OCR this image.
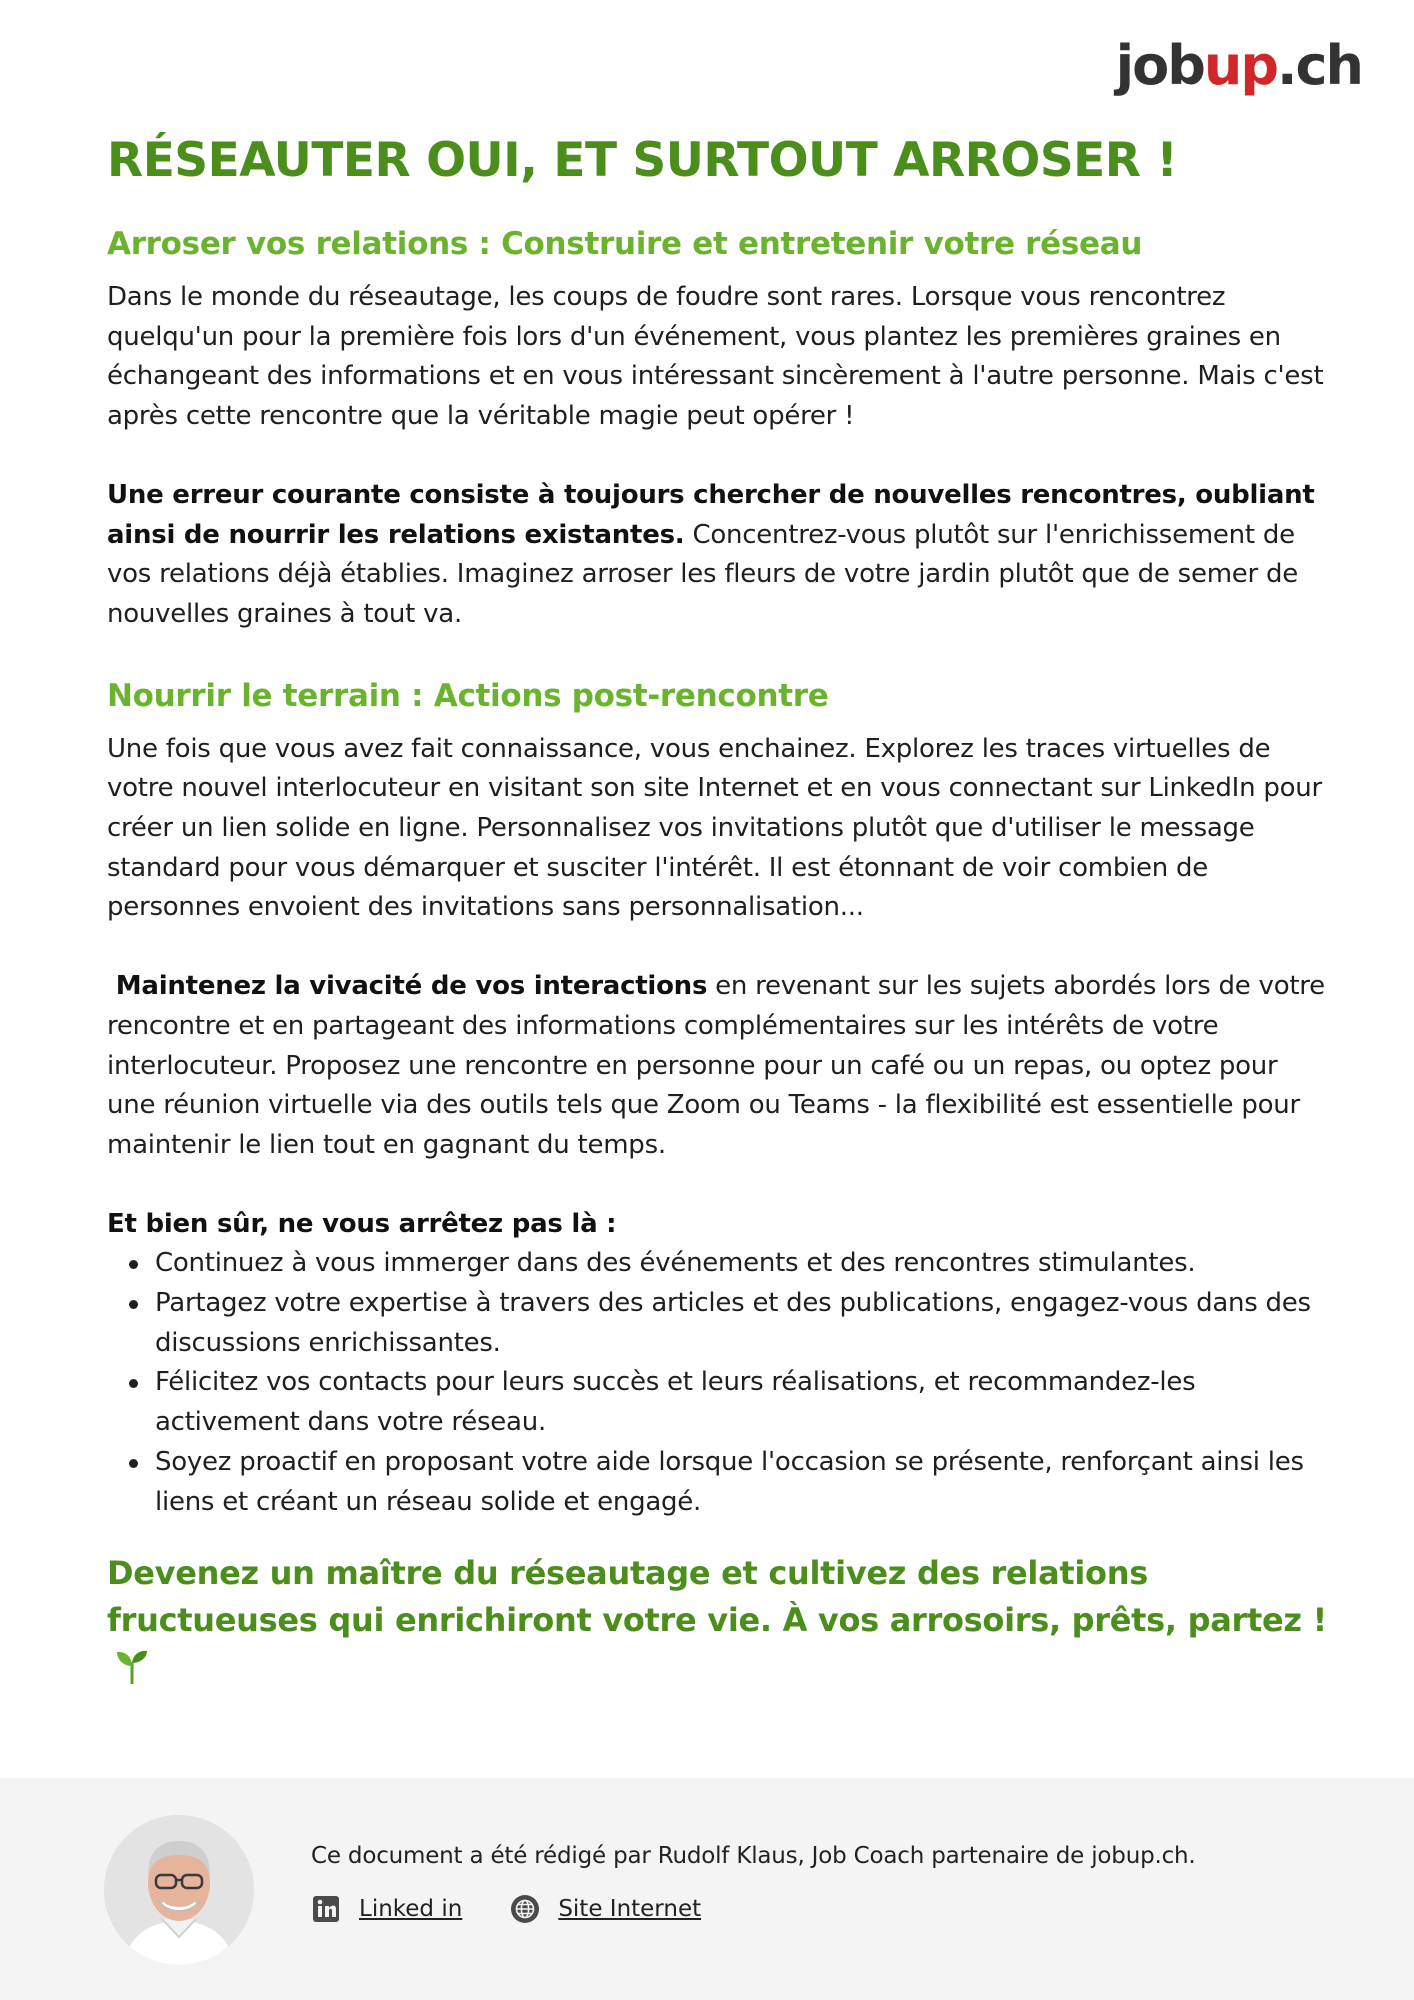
jobup.ch
RÉSEAUTER OUI, ET SURTOUT ARROSER !
Arroser vos relations : Construire et entretenir votre réseau

Dans le monde du réseautage, les coups de foudre sont rares. Lorsque vous rencontrez quelqu'un pour la première fois lors d'un événement, vous plantez les premières graines en échangeant des informations et en vous intéressant sincèrement à l'autre personne. Mais c'est après cette rencontre que la véritable magie peut opérer !

Une erreur courante consiste à toujours chercher de nouvelles rencontres, oubliant ainsi de nourrir les relations existantes. Concentrez-vous plutôt sur l'enrichissement de vos relations déjà établies. Imaginez arroser les fleurs de votre jardin plutôt que de semer de nouvelles graines à tout va.

Nourrir le terrain : Actions post-rencontre

Une fois que vous avez fait connaissance, vous enchainez. Explorez les traces virtuelles de votre nouvel interlocuteur en visitant son site Internet et en vous connectant sur LinkedIn pour créer un lien solide en ligne. Personnalisez vos invitations plutôt que d'utiliser le message standard pour vous démarquer et susciter l'intérêt. Il est étonnant de voir combien de personnes envoient des invitations sans personnalisation...

Maintenez la vivacité de vos interactions en revenant sur les sujets abordés lors de votre rencontre et en partageant des informations complémentaires sur les intérêts de votre interlocuteur. Proposez une rencontre en personne pour un café ou un repas, ou optez pour une réunion virtuelle via des outils tels que Zoom ou Teams - la flexibilité est essentielle pour maintenir le lien tout en gagnant du temps.

Et bien sûr, ne vous arrêtez pas là :

Continuez à vous immerger dans des événements et des rencontres stimulantes.
Partagez votre expertise à travers des articles et des publications, engagez-vous dans des discussions enrichissantes.
Félicitez vos contacts pour leurs succès et leurs réalisations, et recommandez-les activement dans votre réseau.
Soyez proactif en proposant votre aide lorsque l'occasion se présente, renforçant ainsi les liens et créant un réseau solide et engagé.
Devenez un maître du réseautage et cultivez des relations fructueuses qui enrichiront votre vie. À vos arrosoirs, prêts, partez !
Ce document a été rédigé par Rudolf Klaus, Job Coach partenaire de jobup.ch.
Linked in	Site Internet
